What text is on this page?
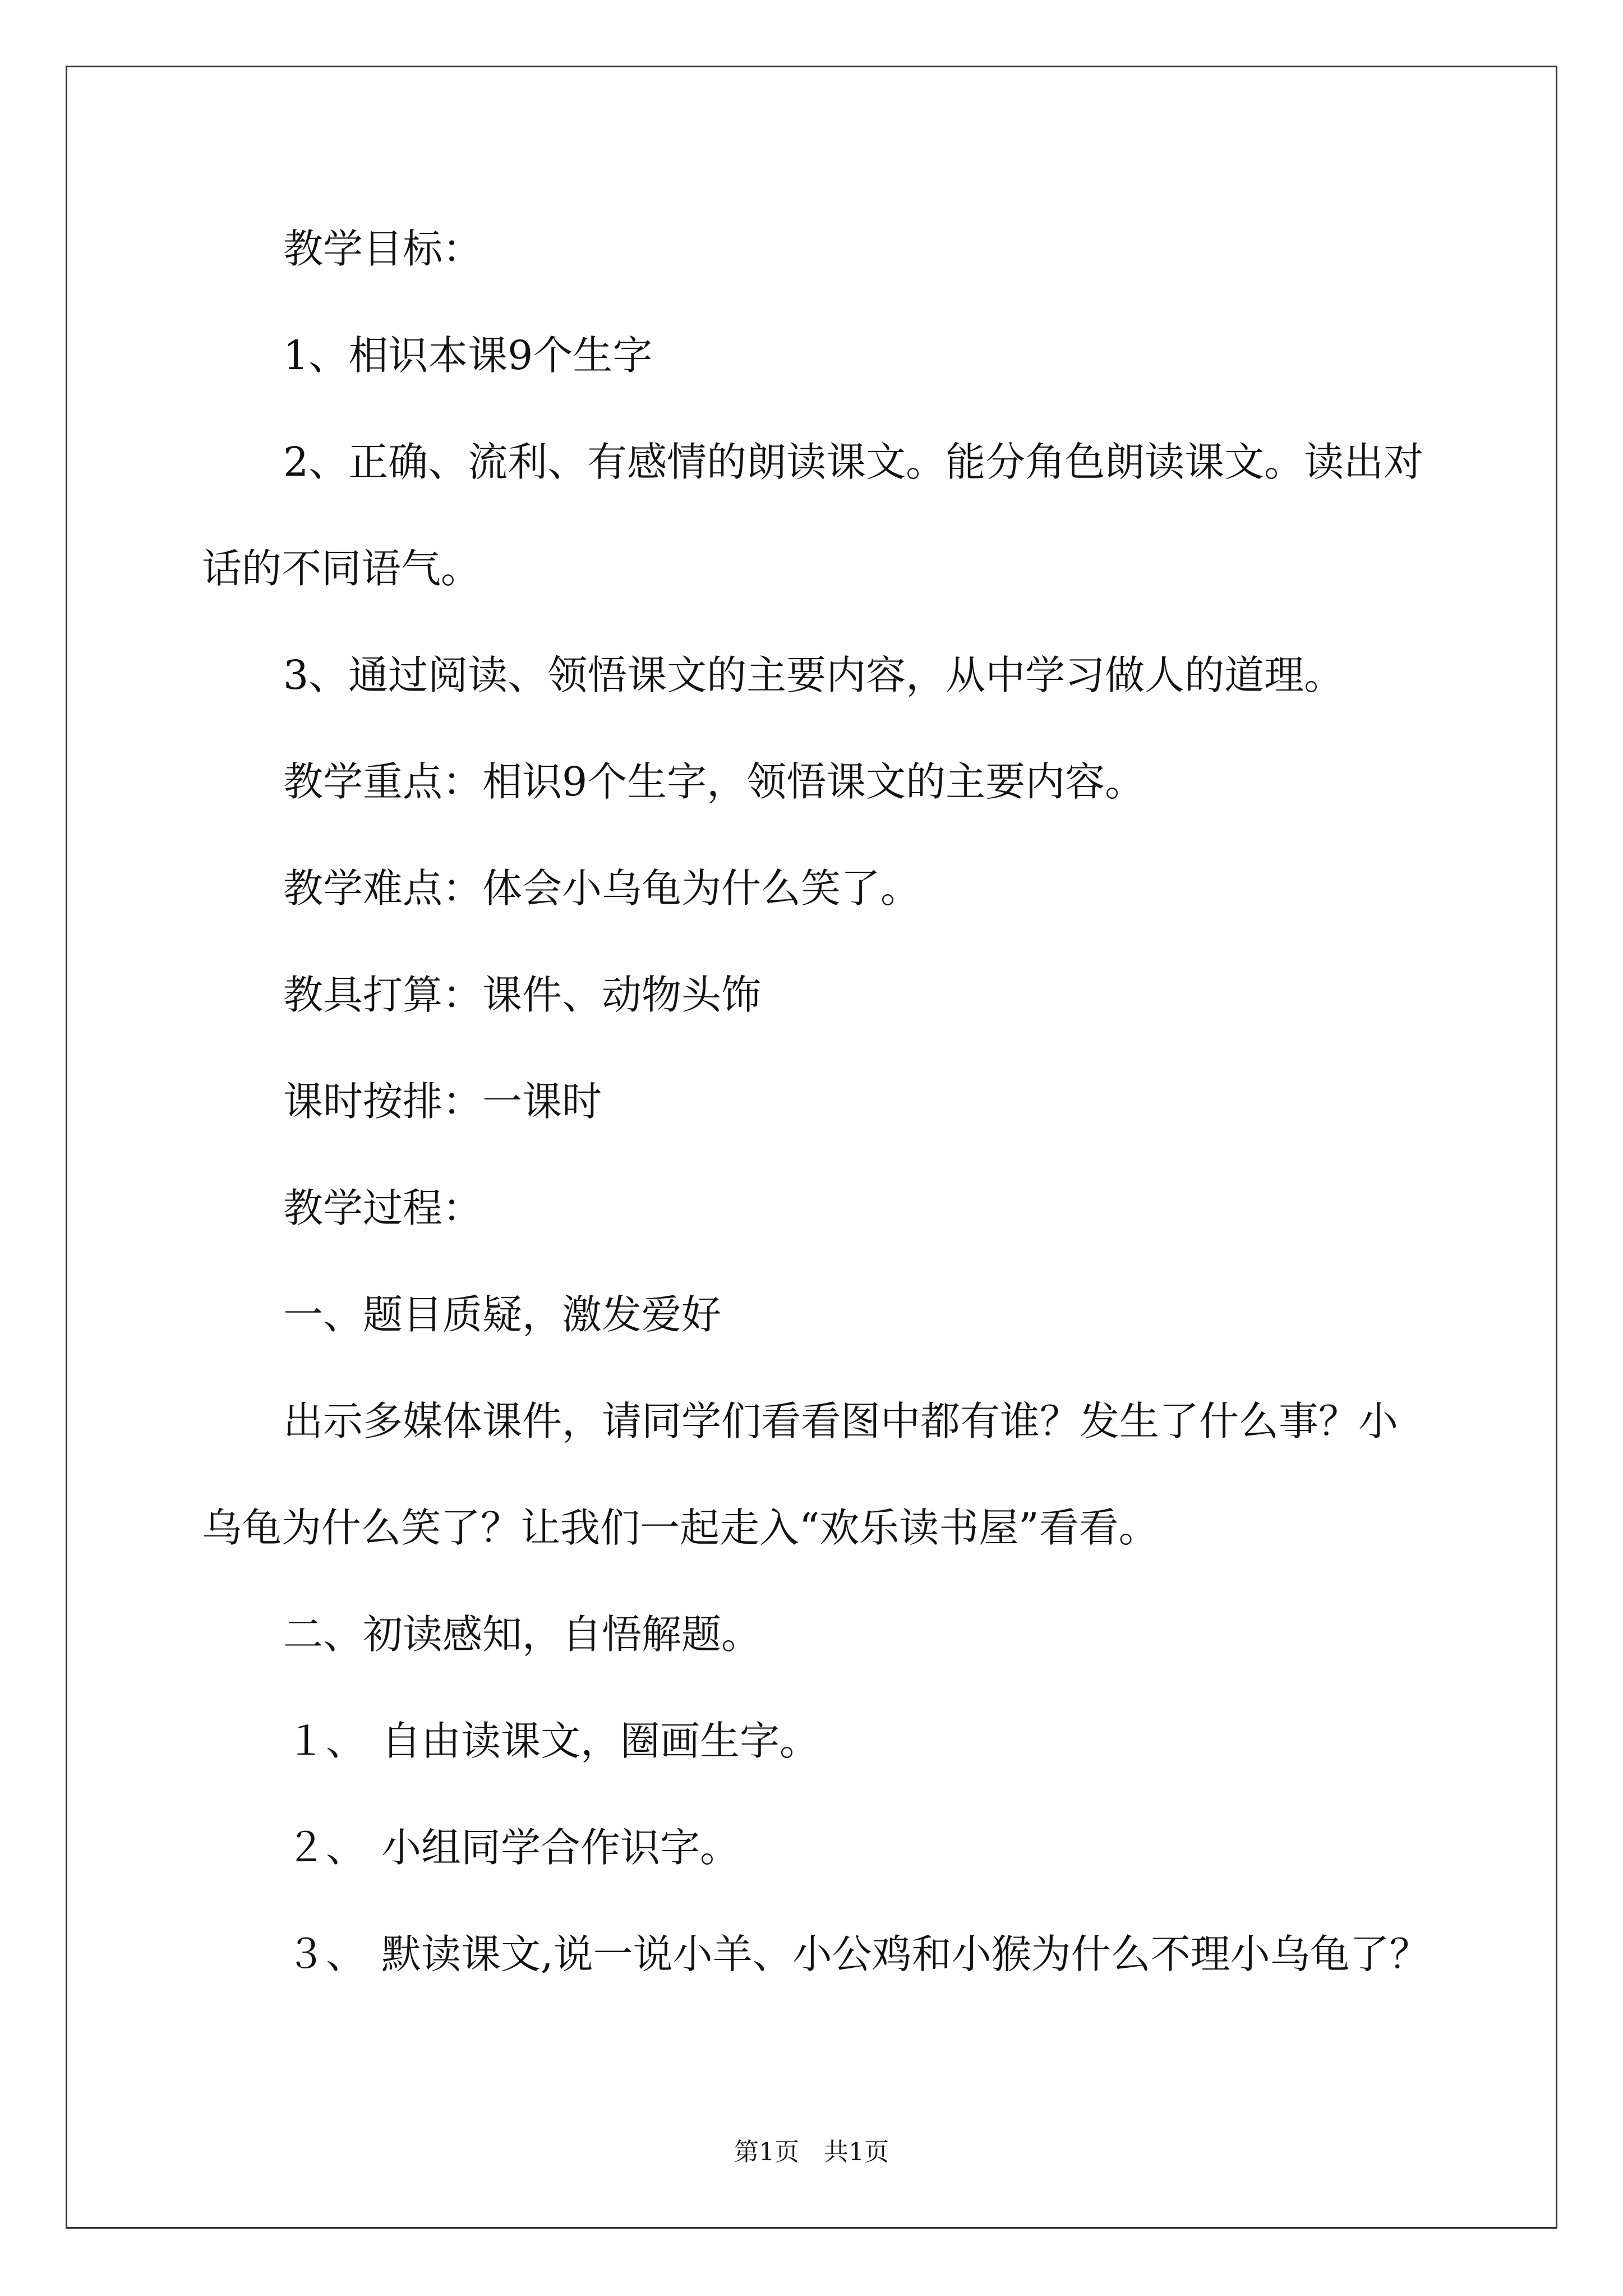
教学目标：
1、相识本课9个生字
2、正确、流利、有感情的朗读课文。能分角色朗读课文。读出对
话的不同语气。
3、通过阅读、领悟课文的主要内容，从中学习做人的道理。
教学重点：相识9个生字，领悟课文的主要内容。
教学难点：体会小乌龟为什么笑了。
教具打算：课件、动物头饰
课时按排：一课时
教学过程：
一、题目质疑，激发爱好
出示多媒体课件，请同学们看看图中都有谁？发生了什么事？小
乌龟为什么笑了？让我们一起走入“欢乐读书屋”看看。
二、初读感知，自悟解题。
１、 自由读课文，圈画生字。
２、 小组同学合作识字。
３、 默读课文,说一说小羊、小公鸡和小猴为什么不理小乌龟了？
第1页　共1页
